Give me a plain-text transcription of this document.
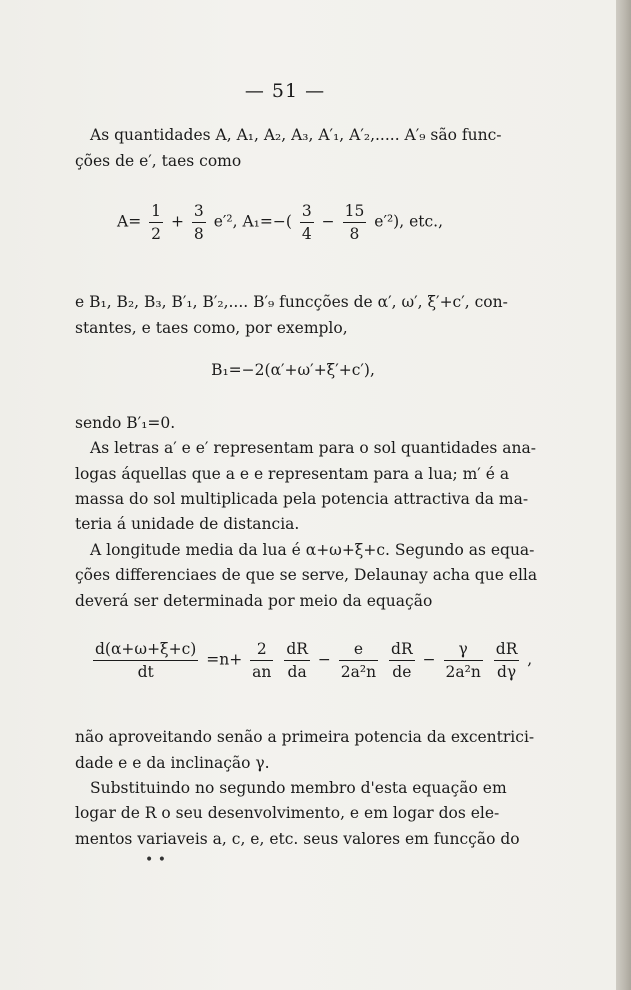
— 51 —
As quantidades A, A₁, A₂, A₃, A′₁, A′₂,..... A′₉ são func-
ções de e′, taes como
$A= \frac{1}{2} + \frac{3}{8} e'^2$, $A_1=-( \frac{3}{4} - \frac{15}{8} e'^2)$, etc.,
e B₁, B₂, B₃, B′₁, B′₂,.... B′₉ funcções de α′, ω′, ξ′+c′, con-
stantes, e taes como, por exemplo,
B₁=−2(α′+ω′+ξ′+c′),
sendo B′₁=0.
As letras a′ e e′ representam para o sol quantidades ana-
logas áquellas que a e e representam para a lua; m′ é a
massa do sol multiplicada pela potencia attractiva da ma-
teria á unidade de distancia.
A longitude media da lua é α+ω+ξ+c. Segundo as equa-
ções differenciaes de que se serve, Delaunay acha que ella
deverá ser determinada por meio da equação
$\frac{d(\alpha+\omega+\xi+c)}{dt} =n+ \frac{2}{an}$
$\frac{dR}{da} - \frac{e}{\text{2a²n}}$
$\frac{dR}{de} - \frac{\gamma}{\text{2a²n}}$
$\frac{dR}{d\gamma}$ ,
não aproveitando senão a primeira potencia da excentrici-
dade e e da inclinação γ.
Substituindo no segundo membro d'esta equação em
logar de R o seu desenvolvimento, e em logar dos ele-
mentos variaveis a, c, e, etc. seus valores em funcção do
• •
